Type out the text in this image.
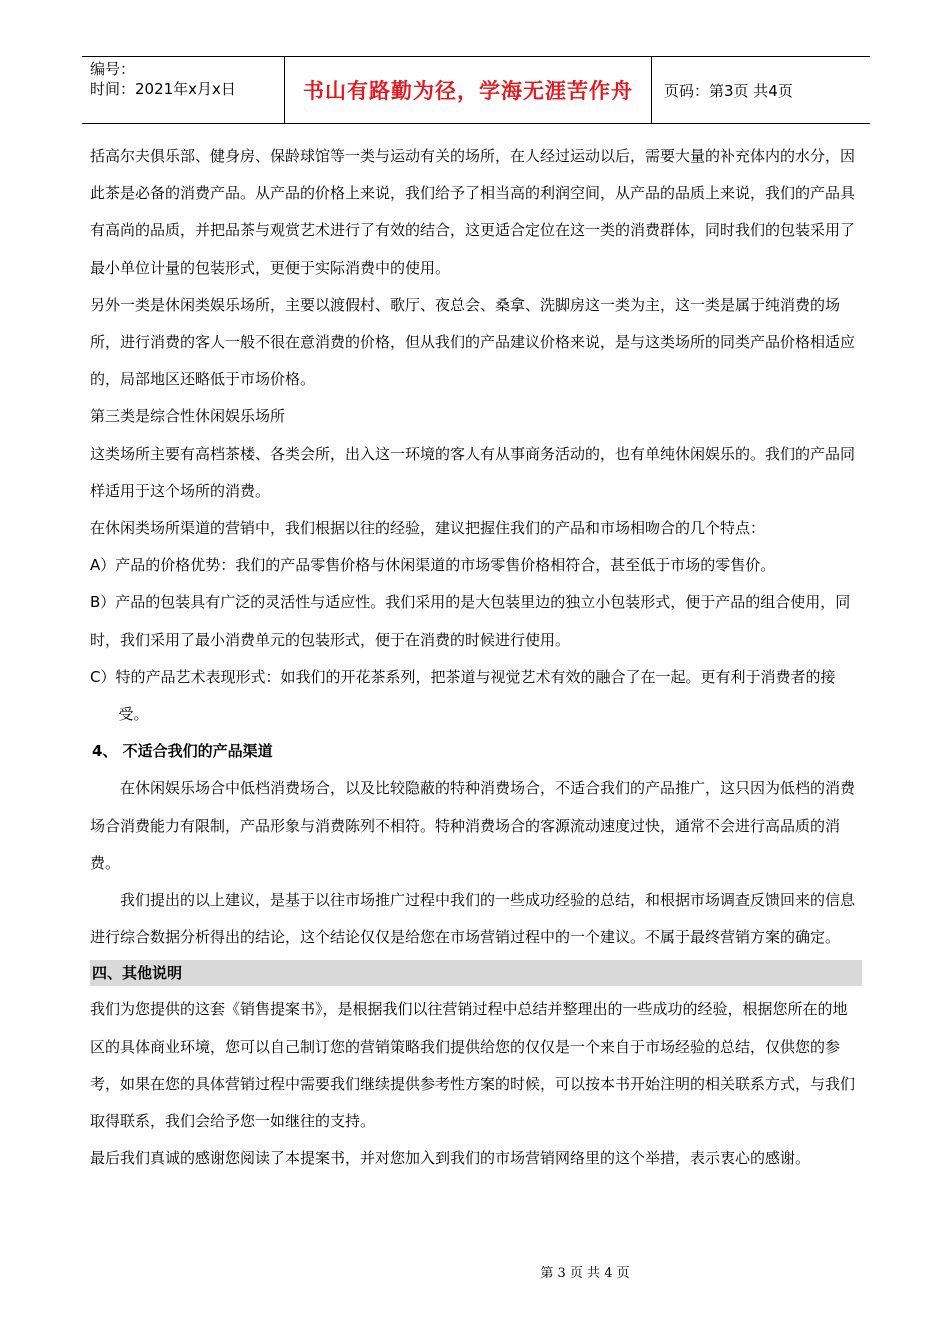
编号：
时间：2021年x月x日	书山有路勤为径，学海无涯苦作舟	页码：第3页 共4页

括高尔夫俱乐部、健身房、保龄球馆等一类与运动有关的场所，在人经过运动以后，需要大量的补充体内的水分，因此茶是必备的消费产品。从产品的价格上来说，我们给予了相当高的利润空间，从产品的品质上来说，我们的产品具有高尚的品质，并把品茶与观赏艺术进行了有效的结合，这更适合定位在这一类的消费群体，同时我们的包装采用了最小单位计量的包装形式，更便于实际消费中的使用。

另外一类是休闲类娱乐场所，主要以渡假村、歌厅、夜总会、桑拿、洗脚房这一类为主，这一类是属于纯消费的场所，进行消费的客人一般不很在意消费的价格，但从我们的产品建议价格来说，是与这类场所的同类产品价格相适应的，局部地区还略低于市场价格。

第三类是综合性休闲娱乐场所

这类场所主要有高档茶楼、各类会所，出入这一环境的客人有从事商务活动的，也有单纯休闲娱乐的。我们的产品同样适用于这个场所的消费。

在休闲类场所渠道的营销中，我们根据以往的经验，建议把握住我们的产品和市场相吻合的几个特点：

A）产品的价格优势：我们的产品零售价格与休闲渠道的市场零售价格相符合，甚至低于市场的零售价。

B）产品的包装具有广泛的灵活性与适应性。我们采用的是大包装里边的独立小包装形式，便于产品的组合使用，同时，我们采用了最小消费单元的包装形式，便于在消费的时候进行使用。

C）特的产品艺术表现形式：如我们的开花茶系列，把茶道与视觉艺术有效的融合了在一起。更有利于消费者的接受。

4、 不适合我们的产品渠道

在休闲娱乐场合中低档消费场合，以及比较隐蔽的特种消费场合，不适合我们的产品推广，这只因为低档的消费场合消费能力有限制，产品形象与消费陈列不相符。特种消费场合的客源流动速度过快，通常不会进行高品质的消费。

我们提出的以上建议，是基于以往市场推广过程中我们的一些成功经验的总结，和根据市场调查反馈回来的信息进行综合数据分析得出的结论，这个结论仅仅是给您在市场营销过程中的一个建议。不属于最终营销方案的确定。

四、其他说明

我们为您提供的这套《销售提案书》，是根据我们以往营销过程中总结并整理出的一些成功的经验，根据您所在的地区的具体商业环境，您可以自己制订您的营销策略我们提供给您的仅仅是一个来自于市场经验的总结，仅供您的参考，如果在您的具体营销过程中需要我们继续提供参考性方案的时候，可以按本书开始注明的相关联系方式，与我们取得联系，我们会给予您一如继往的支持。

最后我们真诚的感谢您阅读了本提案书，并对您加入到我们的市场营销网络里的这个举措，表示衷心的感谢。

第 3 页 共 4 页
